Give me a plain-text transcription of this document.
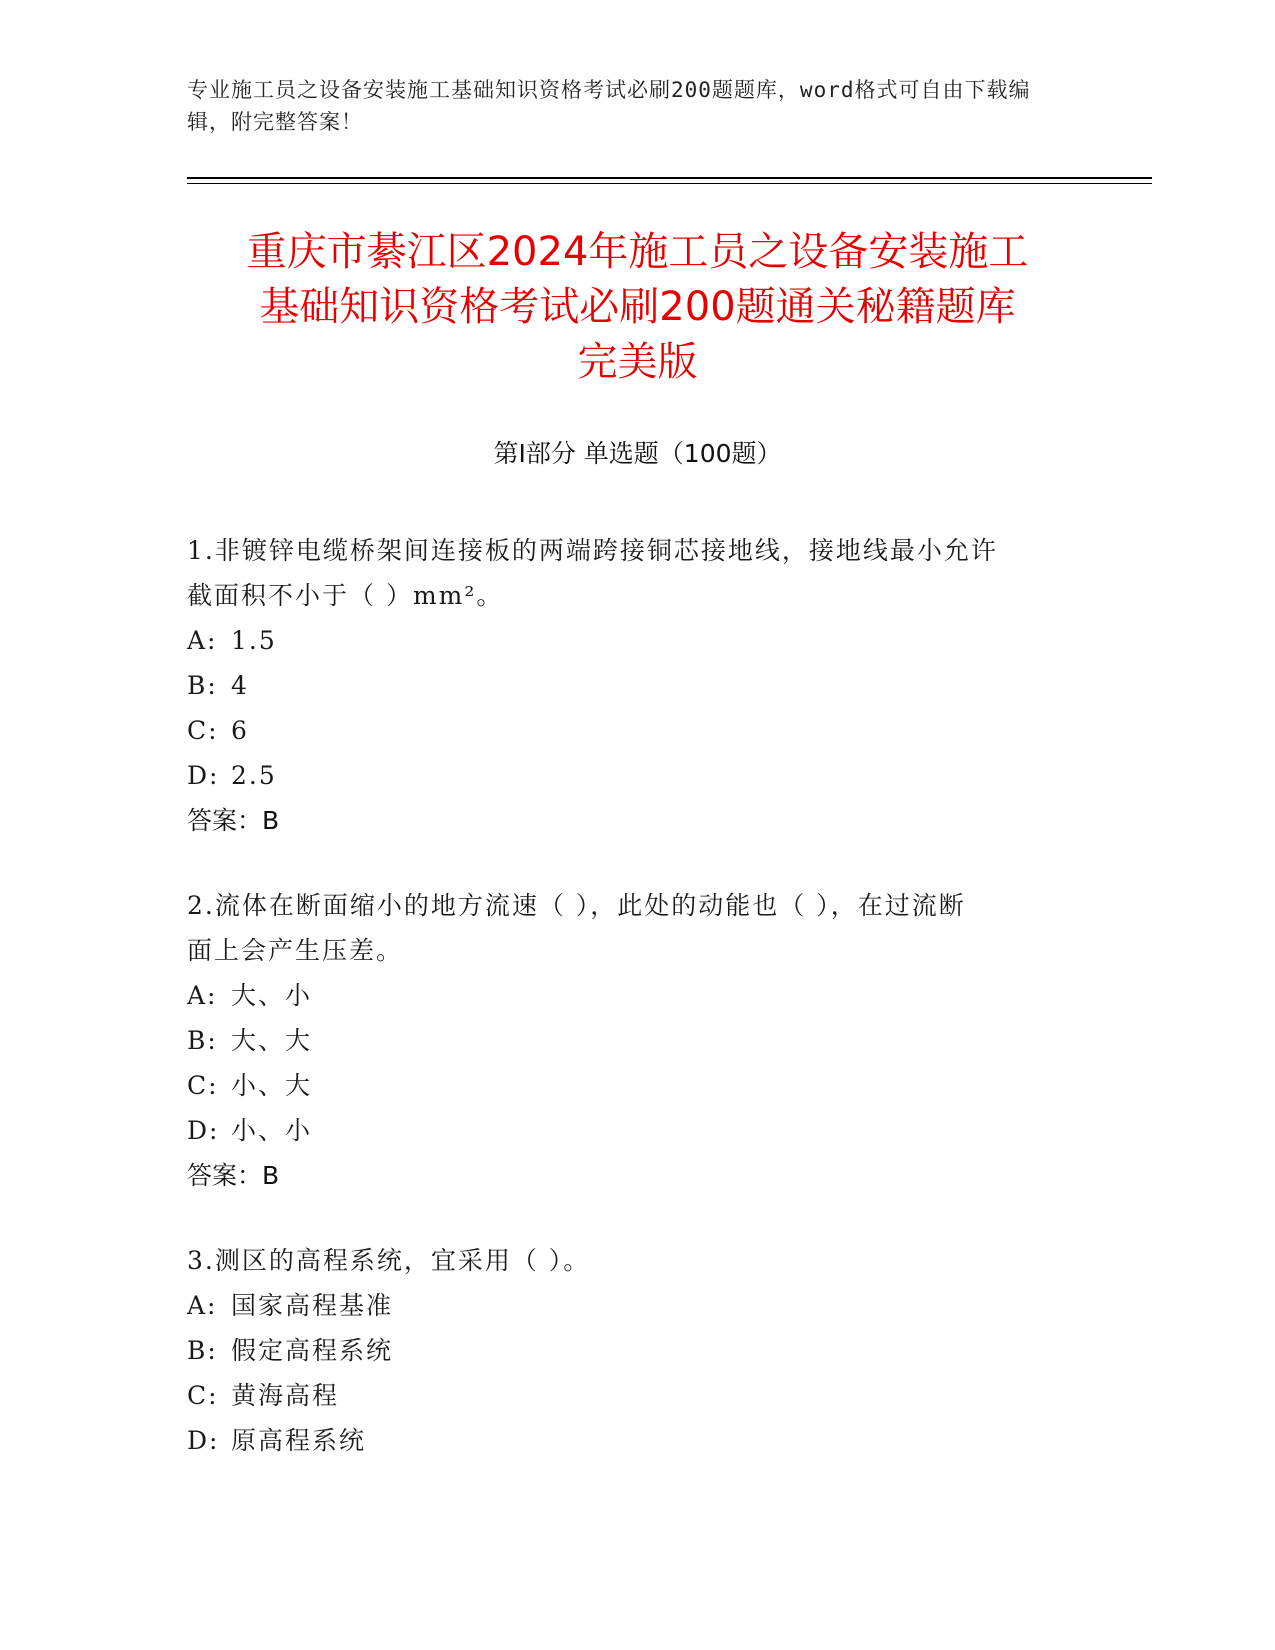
专业施工员之设备安装施工基础知识资格考试必刷200题题库，word格式可自由下载编辑，附完整答案！
重庆市綦江区2024年施工员之设备安装施工
基础知识资格考试必刷200题通关秘籍题库
完美版
第Ⅰ部分 单选题（100题）

1.非镀锌电缆桥架间连接板的两端跨接铜芯接地线，接地线最小允许

截面积不小于（ ）mm²。

A: 1.5
B: 4
C: 6
D: 2.5

答案：B

2.流体在断面缩小的地方流速（ ），此处的动能也（ ），在过流断

面上会产生压差。

A: 大、小
B: 大、大
C: 小、大
D: 小、小

答案：B

3.测区的高程系统，宜采用（ ）。

A: 国家高程基准
B: 假定高程系统
C: 黄海高程
D: 原高程系统
